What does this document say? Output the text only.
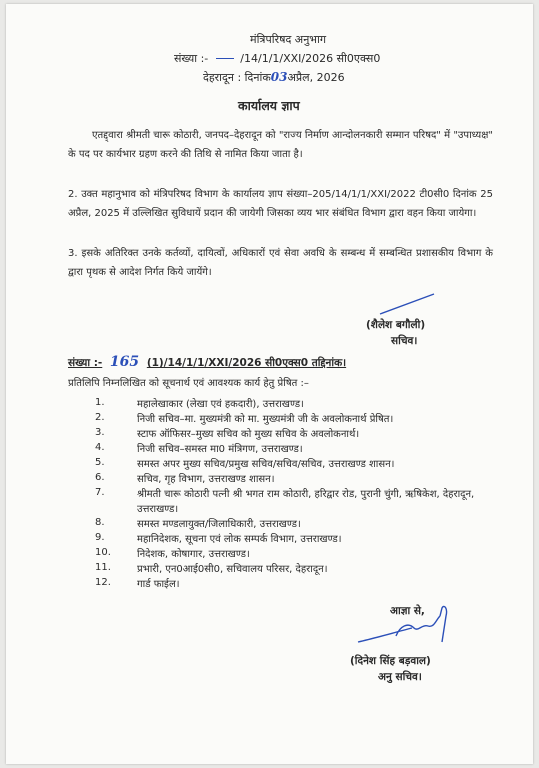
मंत्रिपरिषद अनुभाग
संख्या :-	/14/1/1/XXI/2026 सी0एक्स0
देहरादून : दिनांक03अप्रैल, 2026
कार्यालय ज्ञाप
एतद्द्वारा श्रीमती चारू कोठारी, जनपद–देहरादून को "राज्य निर्माण आन्दोलनकारी सम्मान परिषद" में "उपाध्यक्ष" के पद पर कार्यभार ग्रहण करने की तिथि से नामित किया जाता है।
2. उक्त महानुभाव को मंत्रिपरिषद विभाग के कार्यालय ज्ञाप संख्या–205/14/1/1/XXI/2022 टी0सी0 दिनांक 25 अप्रैल, 2025 में उल्लिखित सुविधायें प्रदान की जायेगी जिसका व्यय भार संबंधित विभाग द्वारा वहन किया जायेगा।
3. इसके अतिरिक्त उनके कर्तव्यों, दायित्वों, अधिकारों एवं सेवा अवधि के सम्बन्ध में सम्बन्धित प्रशासकीय विभाग के द्वारा पृथक से आदेश निर्गत किये जायेंगे।
(शैलेश बगौली)
सचिव।
संख्या :- 165 (1)/14/1/1/XXI/2026 सी0एक्स0 तद्दिनांक।
प्रतिलिपि निम्नलिखित को सूचनार्थ एवं आवश्यक कार्य हेतु प्रेषित :–
1.	महालेखाकार (लेखा एवं हकदारी), उत्तराखण्ड।
2.	निजी सचिव–मा. मुख्यमंत्री को मा. मुख्यमंत्री जी के अवलोकनार्थ प्रेषित।
3.	स्टाफ ऑफिसर–मुख्य सचिव को मुख्य सचिव के अवलोकनार्थ।
4.	निजी सचिव–समस्त मा0 मंत्रिगण, उत्तराखण्ड।
5.	समस्त अपर मुख्य सचिव/प्रमुख सचिव/सचिव/सचिव, उत्तराखण्ड शासन।
6.	सचिव, गृह विभाग, उत्तराखण्ड शासन।
7.	श्रीमती चारू कोठारी पत्नी श्री भगत राम कोठारी, हरिद्वार रोड, पुरानी चुंगी, ऋषिकेश, देहरादून, उत्तराखण्ड।
8.	समस्त मण्डलायुक्त/जिलाधिकारी, उत्तराखण्ड।
9.	महानिदेशक, सूचना एवं लोक सम्पर्क विभाग, उत्तराखण्ड।
10.	निदेशक, कोषागार, उत्तराखण्ड।
11.	प्रभारी, एन0आई0सी0, सचिवालय परिसर, देहरादून।
12.	गार्ड फाईल।
आज्ञा से,
(दिनेश सिंह बड़वाल)
अनु सचिव।
